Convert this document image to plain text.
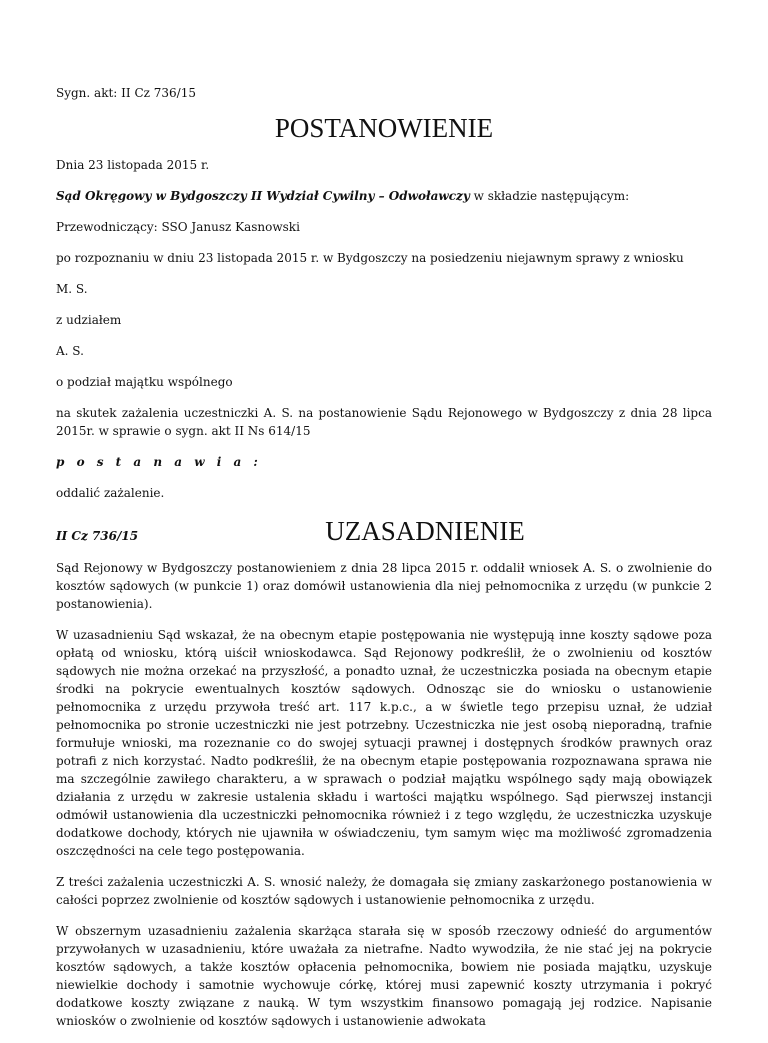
Sygn. akt: II Cz 736/15

POSTANOWIENIE

Dnia 23 listopada 2015 r.

Sąd Okręgowy w Bydgoszczy II Wydział Cywilny – Odwoławczy w składzie następującym:

Przewodniczący: SSO Janusz Kasnowski

po rozpoznaniu w dniu 23 listopada 2015 r. w Bydgoszczy na posiedzeniu niejawnym sprawy z wniosku

M. S.

z udziałem

A. S.

o podział majątku wspólnego

na skutek zażalenia uczestniczki A. S. na postanowienie Sądu Rejonowego w Bydgoszczy z dnia 28 lipca 2015r. w sprawie o sygn. akt II Ns 614/15

p o s t a n a w i a :

oddalić zażalenie.

II Cz 736/15	UZASADNIENIE

Sąd Rejonowy w Bydgoszczy postanowieniem z dnia 28 lipca 2015 r. oddalił wniosek A. S. o zwolnienie do kosztów sądowych (w punkcie 1) oraz domówił ustanowienia dla niej pełnomocnika z urzędu (w punkcie 2 postanowienia).

W uzasadnieniu Sąd wskazał, że na obecnym etapie postępowania nie występują inne koszty sądowe poza opłatą od wniosku, którą uiścił wnioskodawca. Sąd Rejonowy podkreślił, że o zwolnieniu od kosztów sądowych nie można orzekać na przyszłość, a ponadto uznał, że uczestniczka posiada na obecnym etapie środki na pokrycie ewentualnych kosztów sądowych. Odnosząc sie do wniosku o ustanowienie pełnomocnika z urzędu przywoła treść art. 117 k.p.c., a w świetle tego przepisu uznał, że udział pełnomocnika po stronie uczestniczki nie jest potrzebny. Uczestniczka nie jest osobą nieporadną, trafnie formułuje wnioski, ma rozeznanie co do swojej sytuacji prawnej i dostępnych środków prawnych oraz potrafi z nich korzystać. Nadto podkreślił, że na obecnym etapie postępowania rozpoznawana sprawa nie ma szczególnie zawiłego charakteru, a w sprawach o podział majątku wspólnego sądy mają obowiązek działania z urzędu w zakresie ustalenia składu i wartości majątku wspólnego. Sąd pierwszej instancji odmówił ustanowienia dla uczestniczki pełnomocnika również i z tego względu, że uczestniczka uzyskuje dodatkowe dochody, których nie ujawniła w oświadczeniu, tym samym więc ma możliwość zgromadzenia oszczędności na cele tego postępowania.

Z treści zażalenia uczestniczki A. S. wnosić należy, że domagała się zmiany zaskarżonego postanowienia w całości poprzez zwolnienie od kosztów sądowych i ustanowienie pełnomocnika z urzędu.

W obszernym uzasadnieniu zażalenia skarżąca starała się w sposób rzeczowy odnieść do argumentów przywołanych w uzasadnieniu, które uważała za nietrafne. Nadto wywodziła, że nie stać jej na pokrycie kosztów sądowych, a także kosztów opłacenia pełnomocnika, bowiem nie posiada majątku, uzyskuje niewielkie dochody i samotnie wychowuje córkę, której musi zapewnić koszty utrzymania i pokryć dodatkowe koszty związane z nauką. W tym wszystkim finansowo pomagają jej rodzice. Napisanie wniosków o zwolnienie od kosztów sądowych i ustanowienie adwokata
